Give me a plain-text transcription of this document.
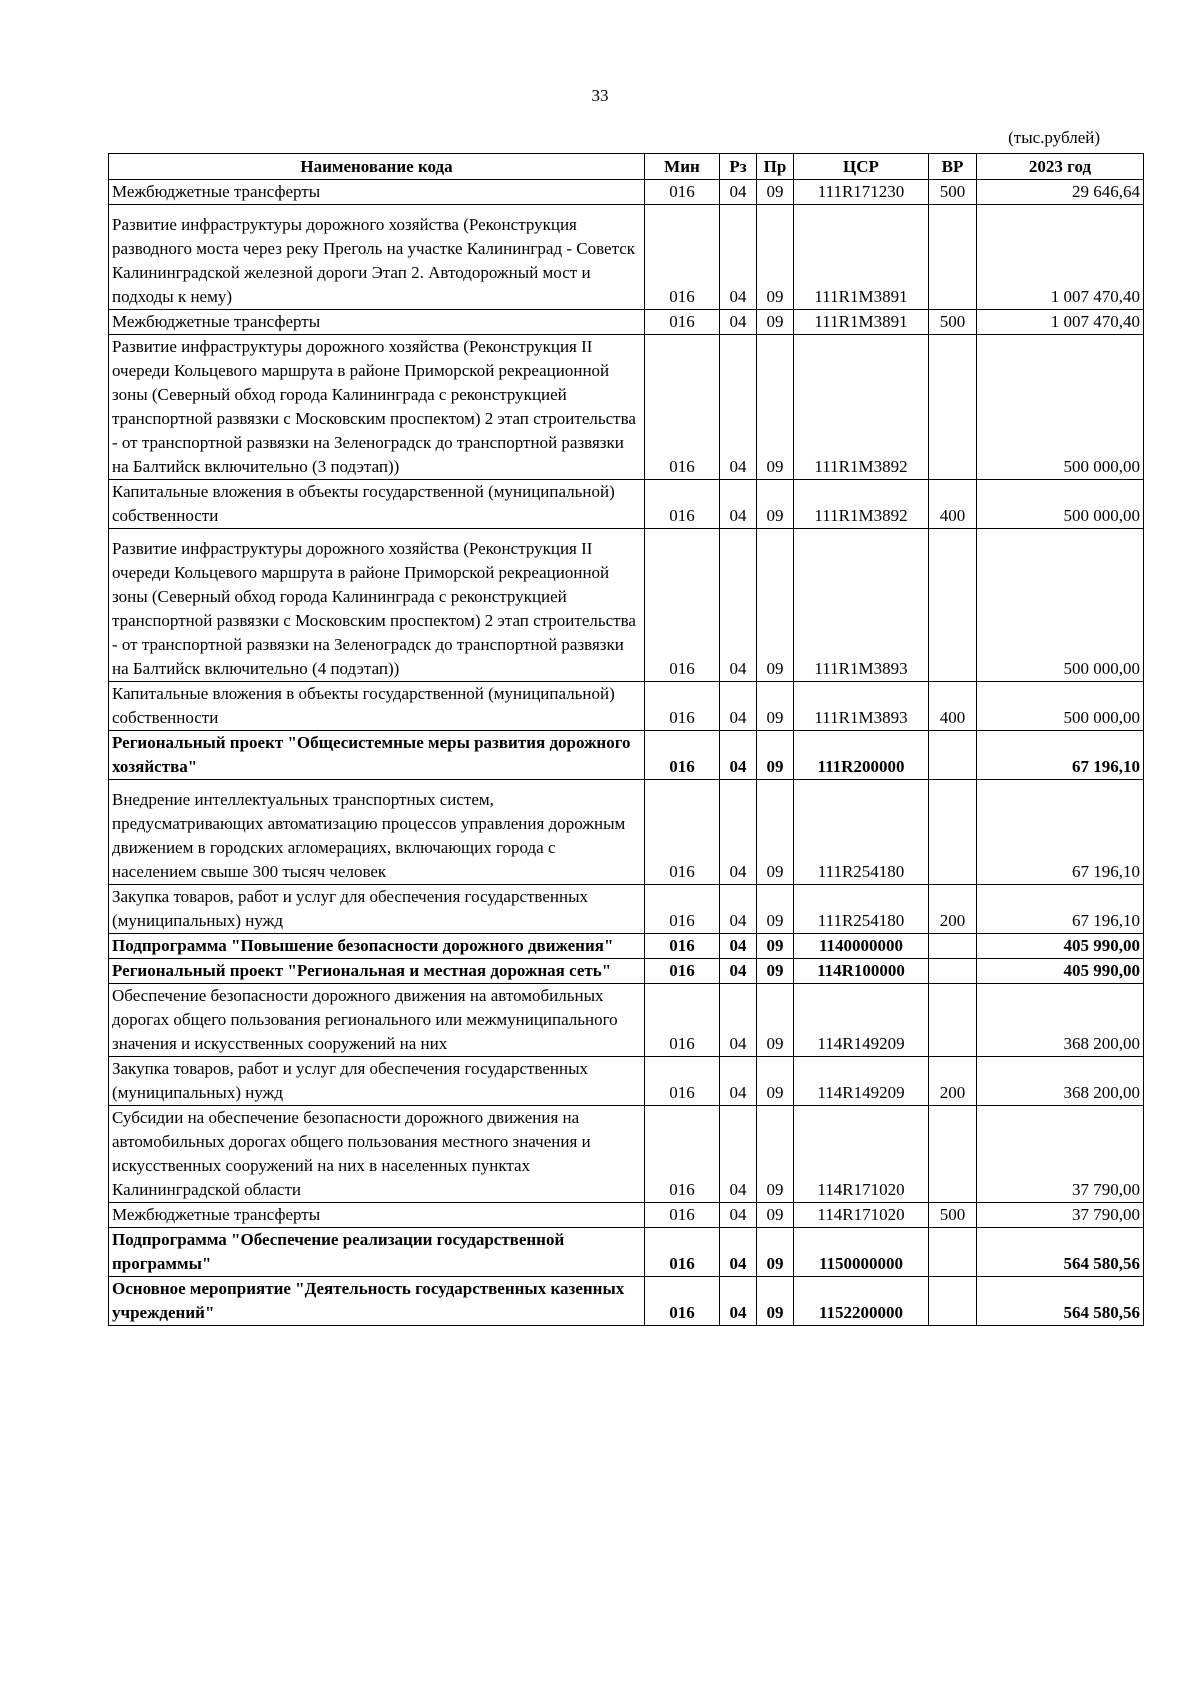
33
(тыс.рублей)
Наименование кода	Мин	Рз	Пр	ЦСР	ВР	2023 год
Межбюджетные трансферты	016	04	09	111R171230	500	29 646,64
Развитие инфраструктуры дорожного хозяйства (Реконструкция разводного моста через реку Преголь на участке Калининград - Советск Калининградской железной дороги Этап 2. Автодорожный мост и подходы к нему)	016	04	09	111R1M3891		1 007 470,40
Межбюджетные трансферты	016	04	09	111R1M3891	500	1 007 470,40
Развитие инфраструктуры дорожного хозяйства (Реконструкция II очереди Кольцевого маршрута в районе Приморской рекреационной зоны (Северный обход города Калининграда с реконструкцией транспортной развязки с Московским проспектом) 2 этап строительства - от транспортной развязки на Зеленоградск до транспортной развязки на Балтийск включительно (3 подэтап))	016	04	09	111R1M3892		500 000,00
Капитальные вложения в объекты государственной (муниципальной) собственности	016	04	09	111R1M3892	400	500 000,00
Развитие инфраструктуры дорожного хозяйства (Реконструкция II очереди Кольцевого маршрута в районе Приморской рекреационной зоны (Северный обход города Калининграда с реконструкцией транспортной развязки с Московским проспектом) 2 этап строительства - от транспортной развязки на Зеленоградск до транспортной развязки на Балтийск включительно (4 подэтап))	016	04	09	111R1M3893		500 000,00
Капитальные вложения в объекты государственной (муниципальной) собственности	016	04	09	111R1M3893	400	500 000,00
Региональный проект "Общесистемные меры развития дорожного хозяйства"	016	04	09	111R200000		67 196,10
Внедрение интеллектуальных транспортных систем, предусматривающих автоматизацию процессов управления дорожным движением в городских агломерациях, включающих города с населением свыше 300 тысяч человек	016	04	09	111R254180		67 196,10
Закупка товаров, работ и услуг для обеспечения государственных (муниципальных) нужд	016	04	09	111R254180	200	67 196,10
Подпрограмма "Повышение безопасности дорожного движения"	016	04	09	1140000000		405 990,00
Региональный проект "Региональная и местная дорожная сеть"	016	04	09	114R100000		405 990,00
Обеспечение безопасности дорожного движения на автомобильных дорогах общего пользования регионального или межмуниципального значения и искусственных сооружений на них	016	04	09	114R149209		368 200,00
Закупка товаров, работ и услуг для обеспечения государственных (муниципальных) нужд	016	04	09	114R149209	200	368 200,00
Субсидии на обеспечение безопасности дорожного движения на автомобильных дорогах общего пользования местного значения и искусственных сооружений на них в населенных пунктах Калининградской области	016	04	09	114R171020		37 790,00
Межбюджетные трансферты	016	04	09	114R171020	500	37 790,00
Подпрограмма "Обеспечение реализации государственной программы"	016	04	09	1150000000		564 580,56
Основное мероприятие "Деятельность государственных казенных учреждений"	016	04	09	1152200000		564 580,56
